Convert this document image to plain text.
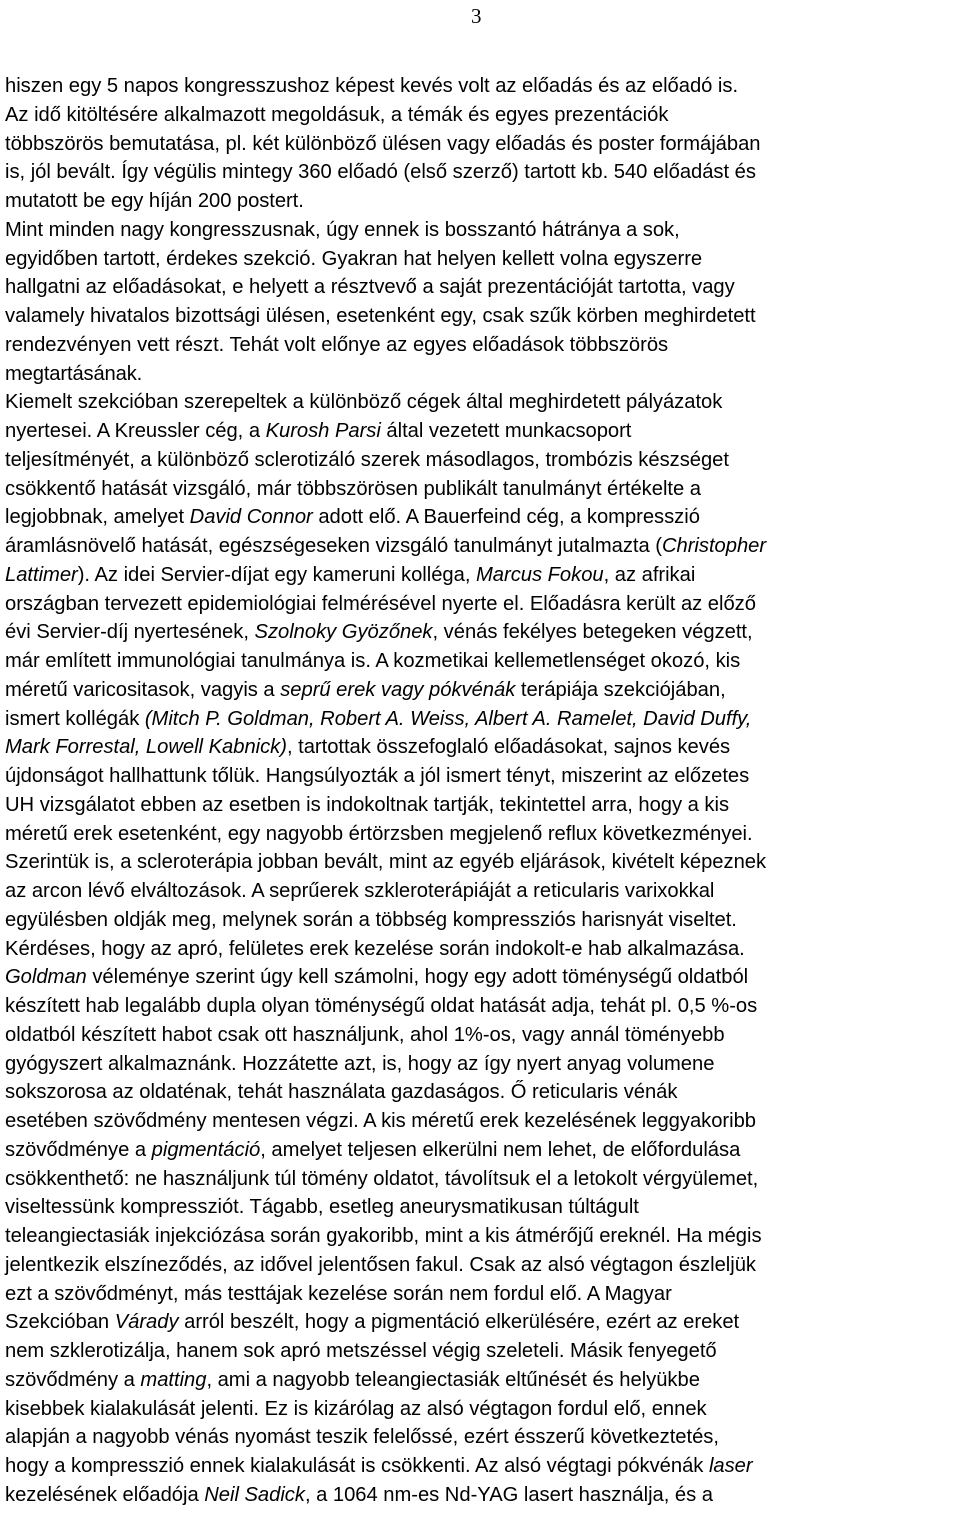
3
hiszen egy 5 napos kongresszushoz képest kevés volt az előadás és az előadó is.
Az idő kitöltésére alkalmazott megoldásuk, a témák és egyes prezentációk
többszörös bemutatása, pl. két különböző ülésen vagy előadás és poster formájában
is, jól bevált. Így végülis mintegy 360 előadó (első szerző) tartott kb. 540 előadást és
mutatott be egy híján 200 postert.
Mint minden nagy kongresszusnak, úgy ennek is bosszantó hátránya a sok,
egyidőben tartott, érdekes szekció. Gyakran hat helyen kellett volna egyszerre
hallgatni az előadásokat, e helyett a résztvevő a saját prezentációját tartotta, vagy
valamely hivatalos bizottsági ülésen, esetenként egy, csak szűk körben meghirdetett
rendezvényen vett részt. Tehát volt előnye az egyes előadások többszörös
megtartásának.
Kiemelt szekcióban szerepeltek a különböző cégek által meghirdetett pályázatok
nyertesei. A Kreussler cég, a Kurosh Parsi által vezetett munkacsoport
teljesítményét, a különböző sclerotizáló szerek másodlagos, trombózis készséget
csökkentő hatását vizsgáló, már többszörösen publikált tanulmányt értékelte a
legjobbnak, amelyet David Connor adott elő. A Bauerfeind cég, a kompresszió
áramlásnövelő hatását, egészségeseken vizsgáló tanulmányt jutalmazta (Christopher
Lattimer). Az idei Servier-díjat egy kameruni kolléga, Marcus Fokou, az afrikai
országban tervezett epidemiológiai felmérésével nyerte el. Előadásra került az előző
évi Servier-díj nyertesének, Szolnoky Gyözőnek, vénás fekélyes betegeken végzett,
már említett immunológiai tanulmánya is. A kozmetikai kellemetlenséget okozó, kis
méretű varicositasok, vagyis a seprű erek vagy pókvénák terápiája szekciójában,
ismert kollégák (Mitch P. Goldman, Robert A. Weiss, Albert A. Ramelet, David Duffy,
Mark Forrestal, Lowell Kabnick), tartottak összefoglaló előadásokat, sajnos kevés
újdonságot hallhattunk tőlük. Hangsúlyozták a jól ismert tényt, miszerint az előzetes
UH vizsgálatot ebben az esetben is indokoltnak tartják, tekintettel arra, hogy a kis
méretű erek esetenként, egy nagyobb értörzsben megjelenő reflux következményei.
Szerintük is, a scleroterápia jobban bevált, mint az egyéb eljárások, kivételt képeznek
az arcon lévő elváltozások. A seprűerek szkleroterápiáját a reticularis varixokkal
együlésben oldják meg, melynek során a többség kompressziós harisnyát viseltet.
Kérdéses, hogy az apró, felületes erek kezelése során indokolt-e hab alkalmazása.
Goldman véleménye szerint úgy kell számolni, hogy egy adott töménységű oldatból
készített hab legalább dupla olyan töménységű oldat hatását adja, tehát pl. 0,5 %-os
oldatból készített habot csak ott használjunk, ahol 1%-os, vagy annál töményebb
gyógyszert alkalmaznánk. Hozzátette azt, is, hogy az így nyert anyag volumene
sokszorosa az oldaténak, tehát használata gazdaságos. Ő reticularis vénák
esetében szövődmény mentesen végzi. A kis méretű erek kezelésének leggyakoribb
szövődménye a pigmentáció, amelyet teljesen elkerülni nem lehet, de előfordulása
csökkenthető: ne használjunk túl tömény oldatot, távolítsuk el a letokolt vérgyülemet,
viseltessünk kompressziót. Tágabb, esetleg aneurysmatikusan túltágult
teleangiectasiák injekciózása során gyakoribb, mint a kis átmérőjű ereknél. Ha mégis
jelentkezik elszíneződés, az idővel jelentősen fakul. Csak az alsó végtagon észleljük
ezt a szövődményt, más testtájak kezelése során nem fordul elő. A Magyar
Szekcióban Várady arról beszélt, hogy a pigmentáció elkerülésére, ezért az ereket
nem szklerotizálja, hanem sok apró metszéssel végig szeleteli. Másik fenyegető
szövődmény a matting, ami a nagyobb teleangiectasiák eltűnését és helyükbe
kisebbek kialakulását jelenti. Ez is kizárólag az alsó végtagon fordul elő, ennek
alapján a nagyobb vénás nyomást teszik felelőssé, ezért ésszerű következtetés,
hogy a kompresszió ennek kialakulását is csökkenti. Az alsó végtagi pókvénák laser
kezelésének előadója Neil Sadick, a 1064 nm-es Nd-YAG lasert használja, és a
